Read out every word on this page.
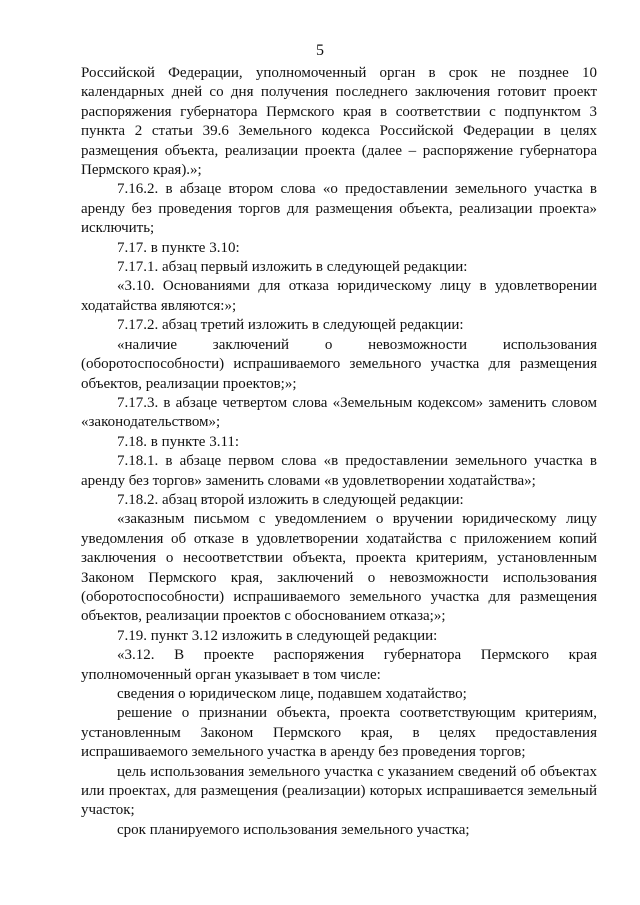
5

Российской Федерации, уполномоченный орган в срок не позднее 10 календарных дней со дня получения последнего заключения готовит проект распоряжения губернатора Пермского края в соответствии с подпунктом 3 пункта 2 статьи 39.6 Земельного кодекса Российской Федерации в целях размещения объекта, реализации проекта (далее – распоряжение губернатора Пермского края).»;

7.16.2. в абзаце втором слова «о предоставлении земельного участка в аренду без проведения торгов для размещения объекта, реализации проекта» исключить;

7.17. в пункте 3.10:

7.17.1. абзац первый изложить в следующей редакции:

«3.10. Основаниями для отказа юридическому лицу в удовлетворении ходатайства являются:»;

7.17.2. абзац третий изложить в следующей редакции:

«наличие заключений о невозможности использования (оборотоспособности) испрашиваемого земельного участка для размещения объектов, реализации проектов;»;

7.17.3. в абзаце четвертом слова «Земельным кодексом» заменить словом «законодательством»;

7.18. в пункте 3.11:

7.18.1. в абзаце первом слова «в предоставлении земельного участка в аренду без торгов» заменить словами «в удовлетворении ходатайства»;

7.18.2. абзац второй изложить в следующей редакции:

«заказным письмом с уведомлением о вручении юридическому лицу уведомления об отказе в удовлетворении ходатайства с приложением копий заключения о несоответствии объекта, проекта критериям, установленным Законом Пермского края, заключений о невозможности использования (оборотоспособности) испрашиваемого земельного участка для размещения объектов, реализации проектов с обоснованием отказа;»;

7.19. пункт 3.12 изложить в следующей редакции:

«3.12. В проекте распоряжения губернатора Пермского края уполномоченный орган указывает в том числе:

сведения о юридическом лице, подавшем ходатайство;

решение о признании объекта, проекта соответствующим критериям, установленным Законом Пермского края, в целях предоставления испрашиваемого земельного участка в аренду без проведения торгов;

цель использования земельного участка с указанием сведений об объектах или проектах, для размещения (реализации) которых испрашивается земельный участок;

срок планируемого использования земельного участка;
